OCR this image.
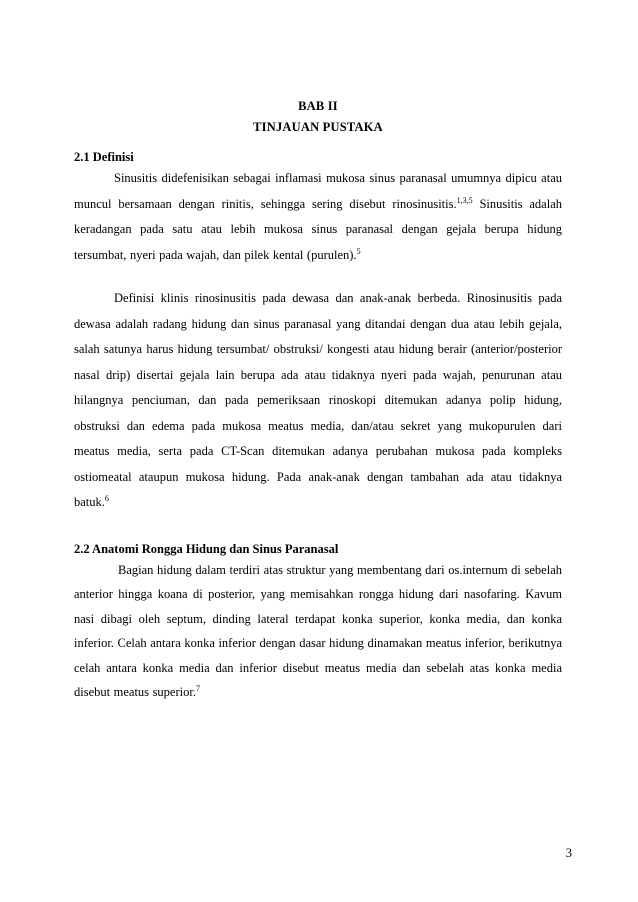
BAB II
TINJAUAN PUSTAKA
2.1 Definisi

Sinusitis didefenisikan sebagai inflamasi mukosa sinus paranasal umumnya dipicu atau muncul bersamaan dengan rinitis, sehingga sering disebut rinosinusitis.$^{1,3,5}$ Sinusitis adalah keradangan pada satu atau lebih mukosa sinus paranasal dengan gejala berupa hidung tersumbat, nyeri pada wajah, dan pilek kental (purulen).$^5$

Definisi klinis rinosinusitis pada dewasa dan anak-anak berbeda. Rinosinusitis pada dewasa adalah radang hidung dan sinus paranasal yang ditandai dengan dua atau lebih gejala, salah satunya harus hidung tersumbat/ obstruksi/ kongesti atau hidung berair (anterior/posterior nasal drip) disertai gejala lain berupa ada atau tidaknya nyeri pada wajah, penurunan atau hilangnya penciuman, dan pada pemeriksaan rinoskopi ditemukan adanya polip hidung, obstruksi dan edema pada mukosa meatus media, dan/atau sekret yang mukopurulen dari meatus media, serta pada CT-Scan ditemukan adanya perubahan mukosa pada kompleks ostiomeatal ataupun mukosa hidung. Pada anak-anak dengan tambahan ada atau tidaknya batuk.$^6$

2.2 Anatomi Rongga Hidung dan Sinus Paranasal

Bagian hidung dalam terdiri atas struktur yang membentang dari os.internum di sebelah anterior hingga koana di posterior, yang memisahkan rongga hidung dari nasofaring. Kavum nasi dibagi oleh septum, dinding lateral terdapat konka superior, konka media, dan konka inferior. Celah antara konka inferior dengan dasar hidung dinamakan meatus inferior, berikutnya celah antara konka media dan inferior disebut meatus media dan sebelah atas konka media disebut meatus superior.$^7$

3
